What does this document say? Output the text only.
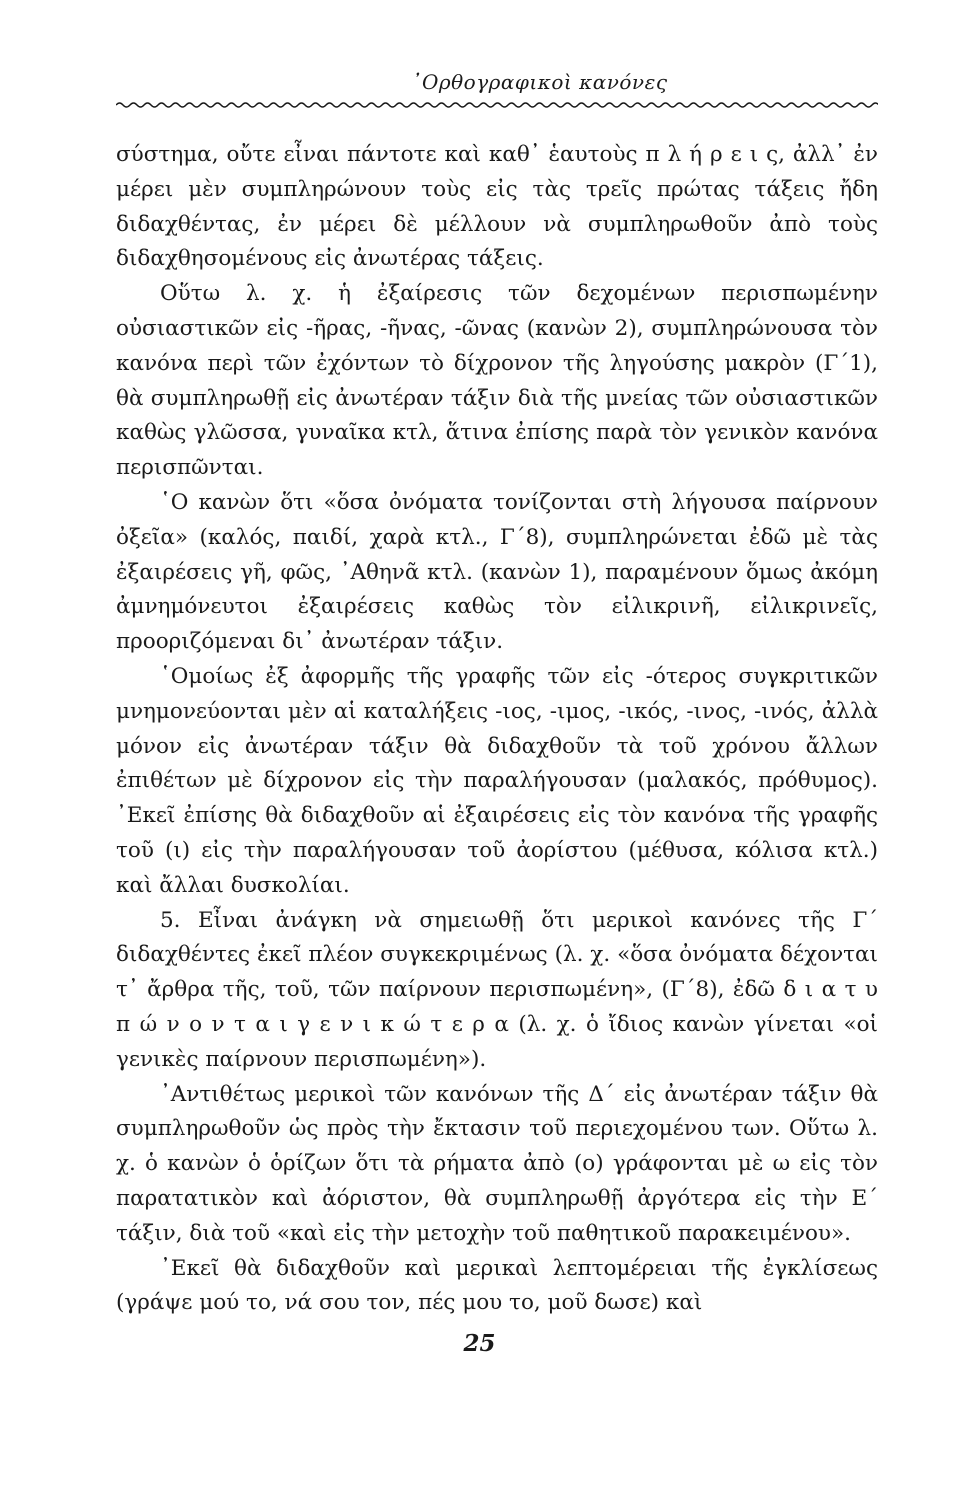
᾿Ορθογραφικοὶ κανόνες

σύστημα, οὔτε εἶναι πάντοτε καὶ καθ᾿ ἑαυτοὺς π λ ή ρ ε ι ς, ἀλλ᾿ ἐν μέρει μὲν συμπληρώνουν τοὺς εἰς τὰς τρεῖς πρώτας τάξεις ἤδη διδαχθέντας, ἐν μέρει δὲ μέλλουν νὰ συμπληρωθοῦν ἀπὸ τοὺς διδαχθησομένους εἰς ἀνωτέρας τάξεις.

Οὕτω λ. χ. ἡ ἐξαίρεσις τῶν δεχομένων περισπωμένην οὐσιαστικῶν εἰς -ῆρας, -ῆνας, -ῶνας (κανὼν 2), συμπληρώνουσα τὸν κανόνα περὶ τῶν ἐχόντων τὸ δίχρονον τῆς ληγούσης μακρὸν (Γ΄1), θὰ συμπληρωθῇ εἰς ἀνωτέραν τάξιν διὰ τῆς μνείας τῶν οὐσιαστικῶν καθὼς γλῶσσα, γυναῖκα κτλ, ἅτινα ἐπίσης παρὰ τὸν γενικὸν κανόνα περισπῶνται.

῾Ο κανὼν ὅτι «ὅσα ὀνόματα τονίζονται στὴ λήγουσα παίρνουν ὀξεῖα» (καλός, παιδί, χαρὰ κτλ., Γ΄8), συμπληρώνεται ἐδῶ μὲ τὰς ἐξαιρέσεις γῆ, φῶς, ᾿Αθηνᾶ κτλ. (κανὼν 1), παραμένουν ὅμως ἀκόμη ἀμνημόνευτοι ἐξαιρέσεις καθὼς τὸν εἰλικρινῆ, εἰλικρινεῖς, προοριζόμεναι δι᾿ ἀνωτέραν τάξιν.

῾Ομοίως ἐξ ἀφορμῆς τῆς γραφῆς τῶν εἰς -ότερος συγκριτικῶν μνημονεύονται μὲν αἱ καταλήξεις -ιος, -ιμος, -ικός, -ινος, -ινός, ἀλλὰ μόνον εἰς ἀνωτέραν τάξιν θὰ διδαχθοῦν τὰ τοῦ χρόνου ἄλλων ἐπιθέτων μὲ δίχρονον εἰς τὴν παραλήγουσαν (μαλακός, πρόθυμος). ᾿Εκεῖ ἐπίσης θὰ διδαχθοῦν αἱ ἐξαιρέσεις εἰς τὸν κανόνα τῆς γραφῆς τοῦ (ι) εἰς τὴν παραλήγουσαν τοῦ ἀορίστου (μέθυσα, κόλισα κτλ.) καὶ ἄλλαι δυσκολίαι.

5. Εἶναι ἀνάγκη νὰ σημειωθῇ ὅτι μερικοὶ κανόνες τῆς Γ΄ διδαχθέντες ἐκεῖ πλέον συγκεκριμένως (λ. χ. «ὅσα ὀνόματα δέχονται τ᾿ ἄρθρα τῆς, τοῦ, τῶν παίρνουν περισπωμένη», (Γ΄8), ἐδῶ δ ι α τ υ π ώ ν ο ν τ α ι γ ε ν ι κ ώ τ ε ρ α (λ. χ. ὁ ἴδιος κανὼν γίνεται «οἱ γενικὲς παίρνουν περισπωμένη»).

᾿Αντιθέτως μερικοὶ τῶν κανόνων τῆς Δ΄ εἰς ἀνωτέραν τάξιν θὰ συμπληρωθοῦν ὡς πρὸς τὴν ἔκτασιν τοῦ περιεχομένου των. Οὕτω λ. χ. ὁ κανὼν ὁ ὁρίζων ὅτι τὰ ρήματα ἀπὸ (ο) γράφονται μὲ ω εἰς τὸν παρατατικὸν καὶ ἀόριστον, θὰ συμπληρωθῇ ἀργότερα εἰς τὴν Ε΄ τάξιν, διὰ τοῦ «καὶ εἰς τὴν μετοχὴν τοῦ παθητικοῦ παρακειμένου».

᾿Εκεῖ θὰ διδαχθοῦν καὶ μερικαὶ λεπτομέρειαι τῆς ἐγκλίσεως (γράψε μού το, νά σου τον, πές μου το, μοῦ δωσε) καὶ

25
